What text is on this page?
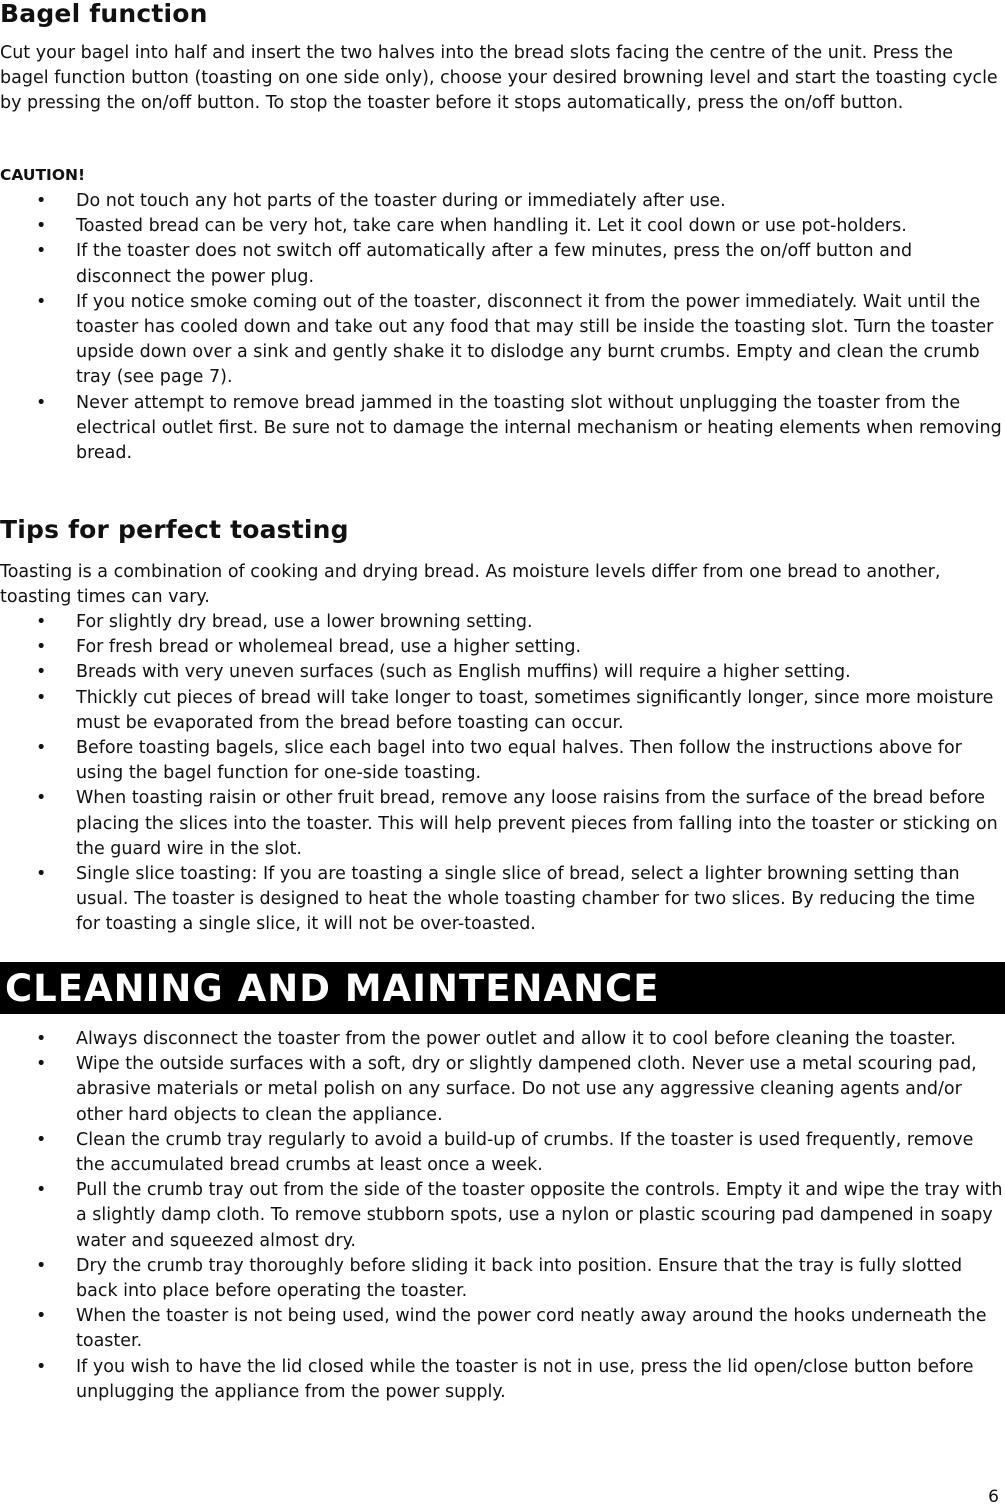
Bagel function

Cut your bagel into half and insert the two halves into the bread slots facing the centre of the unit. Press the bagel function button (toasting on one side only), choose your desired browning level and start the toasting cycle by pressing the on/off button. To stop the toaster before it stops automatically, press the on/off button.

CAUTION!

• Do not touch any hot parts of the toaster during or immediately after use.
• Toasted bread can be very hot, take care when handling it. Let it cool down or use pot-holders.
• If the toaster does not switch off automatically after a few minutes, press the on/off button and disconnect the power plug.
• If you notice smoke coming out of the toaster, disconnect it from the power immediately. Wait until the toaster has cooled down and take out any food that may still be inside the toasting slot. Turn the toaster upside down over a sink and gently shake it to dislodge any burnt crumbs. Empty and clean the crumb tray (see page 7).
• Never attempt to remove bread jammed in the toasting slot without unplugging the toaster from the electrical outlet first. Be sure not to damage the internal mechanism or heating elements when removing bread.
Tips for perfect toasting

Toasting is a combination of cooking and drying bread. As moisture levels differ from one bread to another, toasting times can vary.

• For slightly dry bread, use a lower browning setting.
• For fresh bread or wholemeal bread, use a higher setting.
• Breads with very uneven surfaces (such as English muffins) will require a higher setting.
• Thickly cut pieces of bread will take longer to toast, sometimes significantly longer, since more moisture must be evaporated from the bread before toasting can occur.
• Before toasting bagels, slice each bagel into two equal halves. Then follow the instructions above for using the bagel function for one-side toasting.
• When toasting raisin or other fruit bread, remove any loose raisins from the surface of the bread before placing the slices into the toaster. This will help prevent pieces from falling into the toaster or sticking on the guard wire in the slot.
• Single slice toasting: If you are toasting a single slice of bread, select a lighter browning setting than usual. The toaster is designed to heat the whole toasting chamber for two slices. By reducing the time for toasting a single slice, it will not be over-toasted.
CLEANING AND MAINTENANCE
• Always disconnect the toaster from the power outlet and allow it to cool before cleaning the toaster.
• Wipe the outside surfaces with a soft, dry or slightly dampened cloth. Never use a metal scouring pad, abrasive materials or metal polish on any surface. Do not use any aggressive cleaning agents and/or other hard objects to clean the appliance.
• Clean the crumb tray regularly to avoid a build-up of crumbs. If the toaster is used frequently, remove the accumulated bread crumbs at least once a week.
• Pull the crumb tray out from the side of the toaster opposite the controls. Empty it and wipe the tray with a slightly damp cloth. To remove stubborn spots, use a nylon or plastic scouring pad dampened in soapy water and squeezed almost dry.
• Dry the crumb tray thoroughly before sliding it back into position. Ensure that the tray is fully slotted back into place before operating the toaster.
• When the toaster is not being used, wind the power cord neatly away around the hooks underneath the toaster.
• If you wish to have the lid closed while the toaster is not in use, press the lid open/close button before unplugging the appliance from the power supply.
6
